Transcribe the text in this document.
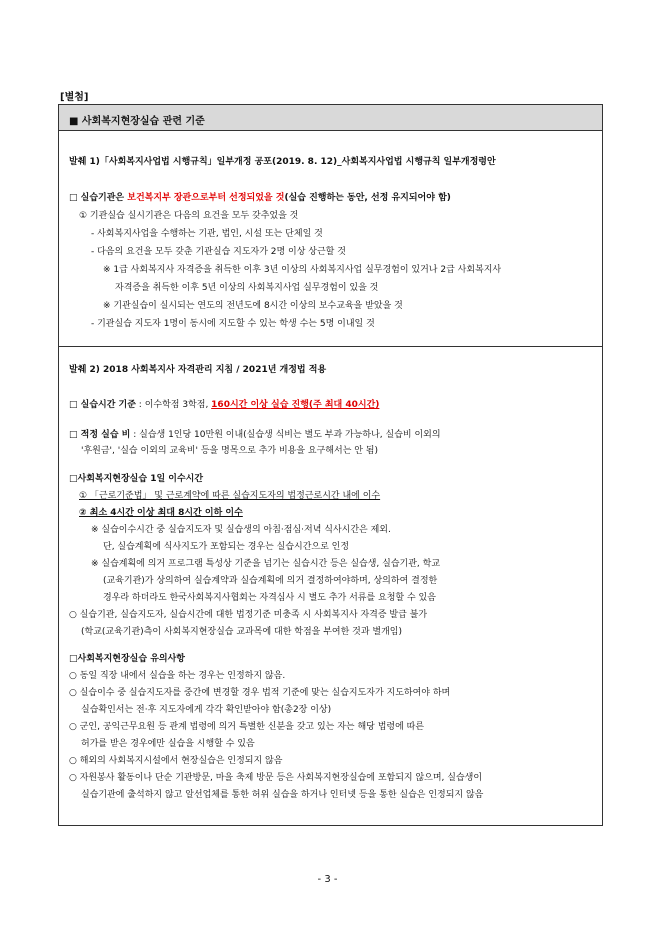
[별첨]
■ 사회복지현장실습 관련 기준
발췌 1)「사회복지사업법 시행규칙」일부개정 공포(2019. 8. 12)_사회복지사업법 시행규칙 일부개정령안
□ 실습기관은 보건복지부 장관으로부터 선정되었을 것(실습 진행하는 동안, 선정 유지되어야 함)
① 기관실습 실시기관은 다음의 요건을 모두 갖추었을 것
- 사회복지사업을 수행하는 기관, 법인, 시설 또는 단체일 것
- 다음의 요건을 모두 갖춘 기관실습 지도자가 2명 이상 상근할 것
※ 1급 사회복지사 자격증을 취득한 이후 3년 이상의 사회복지사업 실무경험이 있거나 2급 사회복지사
자격증을 취득한 이후 5년 이상의 사회복지사업 실무경험이 있을 것
※ 기관실습이 실시되는 연도의 전년도에 8시간 이상의 보수교육을 받았을 것
- 기관실습 지도자 1명이 동시에 지도할 수 있는 학생 수는 5명 이내일 것
발췌 2) 2018 사회복지사 자격관리 지침 / 2021년 개정법 적용
□ 실습시간 기준 : 이수학점 3학점, 160시간 이상 실습 진행(주 최대 40시간)
□ 적정 실습 비 : 실습생 1인당 10만원 이내(실습생 식비는 별도 부과 가능하나, 실습비 이외의
'후원금', '실습 이외의 교육비' 등을 명목으로 추가 비용을 요구해서는 안 됨)
□사회복지현장실습 1일 이수시간
① 「근로기준법」 및 근로계약에 따른 실습지도자의 법정근로시간 내에 이수
② 최소 4시간 이상 최대 8시간 이하 이수
※ 실습이수시간 중 실습지도자 및 실습생의 아침·점심·저녁 식사시간은 제외.
단, 실습계획에 식사지도가 포함되는 경우는 실습시간으로 인정
※ 실습계획에 의거 프로그램 특성상 기준을 넘기는 실습시간 등은 실습생, 실습기관, 학교
(교육기관)가 상의하여 실습계약과 실습계획에 의거 결정하여야하며, 상의하여 결정한
경우라 하더라도 한국사회복지사협회는 자격심사 시 별도 추가 서류를 요청할 수 있음
○ 실습기관, 실습지도자, 실습시간에 대한 법정기준 미충족 시 사회복지사 자격증 발급 불가
(학교(교육기관)측이 사회복지현장실습 교과목에 대한 학점을 부여한 것과 별개임)
□사회복지현장실습 유의사항
○ 동일 직장 내에서 실습을 하는 경우는 인정하지 않음.
○ 실습이수 중 실습지도자를 중간에 변경할 경우 법적 기준에 맞는 실습지도자가 지도하여야 하며
실습확인서는 전·후 지도자에게 각각 확인받아야 함(총2장 이상)
○ 군인, 공익근무요원 등 관계 법령에 의거 특별한 신분을 갖고 있는 자는 해당 법령에 따른
허가를 받은 경우에만 실습을 시행할 수 있음
○ 해외의 사회복지시설에서 현장실습은 인정되지 않음
○ 자원봉사 활동이나 단순 기관방문, 마을 축제 방문 등은 사회복지현장실습에 포함되지 않으며, 실습생이
실습기관에 출석하지 않고 알선업체를 통한 허위 실습을 하거나 인터넷 등을 통한 실습은 인정되지 않음
- 3 -
